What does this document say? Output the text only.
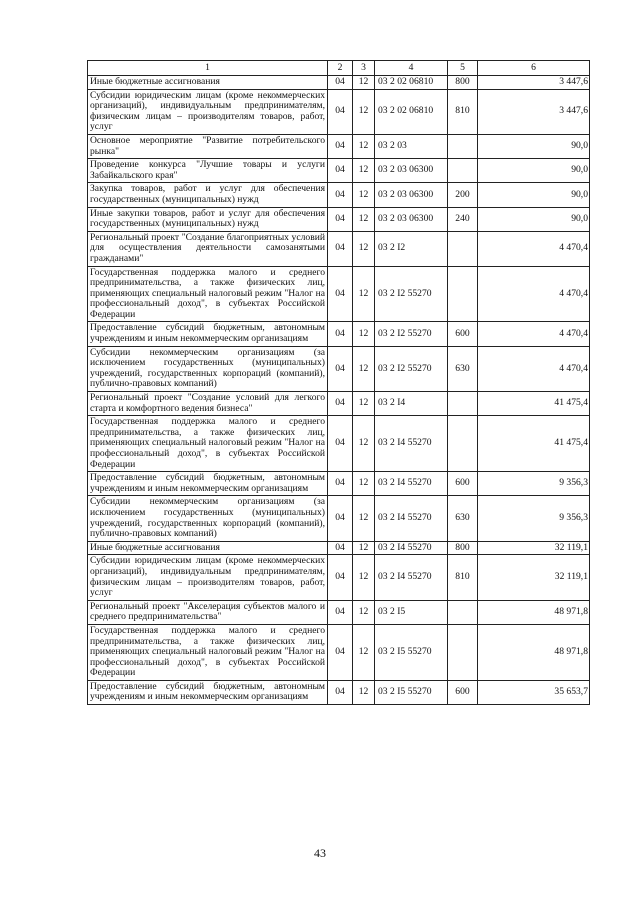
1	2	3	4	5	6
Иные бюджетные ассигнования	04	12	03 2 02 06810	800	3 447,6
Субсидии юридическим лицам (кроме некоммерческих организаций), индивидуальным предпринимателям, физическим лицам – производителям товаров, работ, услуг	04	12	03 2 02 06810	810	3 447,6
Основное мероприятие "Развитие потребительского рынка"	04	12	03 2 03		90,0
Проведение конкурса "Лучшие товары и услуги Забайкальского края"	04	12	03 2 03 06300		90,0
Закупка товаров, работ и услуг для обеспечения государственных (муниципальных) нужд	04	12	03 2 03 06300	200	90,0
Иные закупки товаров, работ и услуг для обеспечения государственных (муниципальных) нужд	04	12	03 2 03 06300	240	90,0
Региональный проект "Создание благоприятных условий для осуществления деятельности самозанятыми гражданами"	04	12	03 2 I2		4 470,4
Государственная поддержка малого и среднего предпринимательства, а также физических лиц, применяющих специальный налоговый режим "Налог на профессиональный доход", в субъектах Российской Федерации	04	12	03 2 I2 55270		4 470,4
Предоставление субсидий бюджетным, автономным учреждениям и иным некоммерческим организациям	04	12	03 2 I2 55270	600	4 470,4
Субсидии некоммерческим организациям (за исключением государственных (муниципальных) учреждений, государственных корпораций (компаний), публично-правовых компаний)	04	12	03 2 I2 55270	630	4 470,4
Региональный проект "Создание условий для легкого старта и комфортного ведения бизнеса"	04	12	03 2 I4		41 475,4
Государственная поддержка малого и среднего предпринимательства, а также физических лиц, применяющих специальный налоговый режим "Налог на профессиональный доход", в субъектах Российской Федерации	04	12	03 2 I4 55270		41 475,4
Предоставление субсидий бюджетным, автономным учреждениям и иным некоммерческим организациям	04	12	03 2 I4 55270	600	9 356,3
Субсидии некоммерческим организациям (за исключением государственных (муниципальных) учреждений, государственных корпораций (компаний), публично-правовых компаний)	04	12	03 2 I4 55270	630	9 356,3
Иные бюджетные ассигнования	04	12	03 2 I4 55270	800	32 119,1
Субсидии юридическим лицам (кроме некоммерческих организаций), индивидуальным предпринимателям, физическим лицам – производителям товаров, работ, услуг	04	12	03 2 I4 55270	810	32 119,1
Региональный проект "Акселерация субъектов малого и среднего предпринимательства"	04	12	03 2 I5		48 971,8
Государственная поддержка малого и среднего предпринимательства, а также физических лиц, применяющих специальный налоговый режим "Налог на профессиональный доход", в субъектах Российской Федерации	04	12	03 2 I5 55270		48 971,8
Предоставление субсидий бюджетным, автономным учреждениям и иным некоммерческим организациям	04	12	03 2 I5 55270	600	35 653,7
43
